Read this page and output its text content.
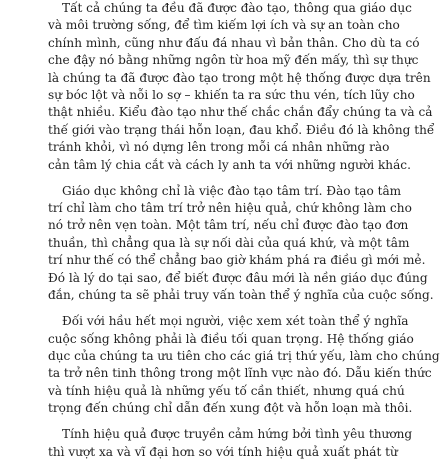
Tất cả chúng ta đều đã được đào tạo, thông qua giáo dục
và môi trường sống, để tìm kiếm lợi ích và sự an toàn cho
chính mình, cũng như đấu đá nhau vì bản thân. Cho dù ta có
che đậy nó bằng những ngôn từ hoa mỹ đến mấy, thì sự thực
là chúng ta đã được đào tạo trong một hệ thống được dựa trên
sự bóc lột và nỗi lo sợ – khiến ta ra sức thu vén, tích lũy cho
thật nhiều. Kiểu đào tạo như thế chắc chắn đẩy chúng ta và cả
thế giới vào trạng thái hỗn loạn, đau khổ. Điều đó là không thể
tránh khỏi, vì nó dựng lên trong mỗi cá nhân những rào
cản tâm lý chia cắt và cách ly anh ta với những người khác.
Giáo dục không chỉ là việc đào tạo tâm trí. Đào tạo tâm
trí chỉ làm cho tâm trí trở nên hiệu quả, chứ không làm cho
nó trở nên vẹn toàn. Một tâm trí, nếu chỉ được đào tạo đơn
thuần, thì chẳng qua là sự nối dài của quá khứ, và một tâm
trí như thế có thể chẳng bao giờ khám phá ra điều gì mới mẻ.
Đó là lý do tại sao, để biết được đâu mới là nền giáo dục đúng
đắn, chúng ta sẽ phải truy vấn toàn thể ý nghĩa của cuộc sống.
Đối với hầu hết mọi người, việc xem xét toàn thể ý nghĩa
cuộc sống không phải là điều tối quan trọng. Hệ thống giáo
dục của chúng ta ưu tiên cho các giá trị thứ yếu, làm cho chúng
ta trở nên tinh thông trong một lĩnh vực nào đó. Dẫu kiến thức
và tính hiệu quả là những yếu tố cần thiết, nhưng quá chú
trọng đến chúng chỉ dẫn đến xung đột và hỗn loạn mà thôi.
Tính hiệu quả được truyền cảm hứng bởi tình yêu thương
thì vượt xa và vĩ đại hơn so với tính hiệu quả xuất phát từ
